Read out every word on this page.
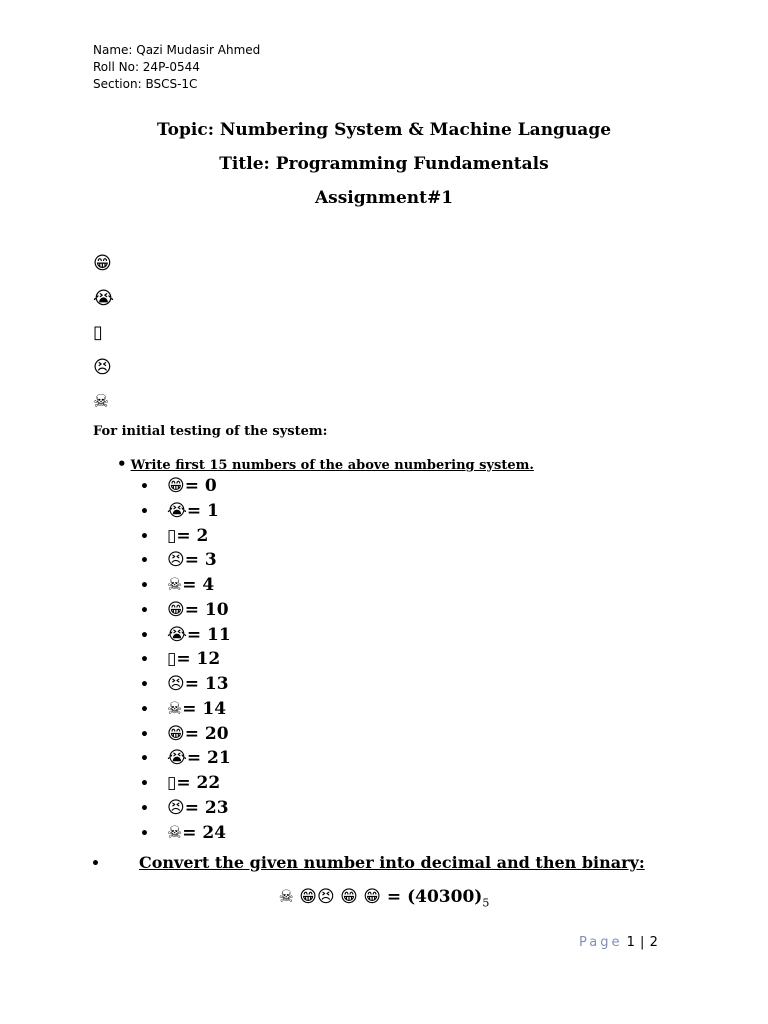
Name: Qazi Mudasir Ahmed
Roll No: 24P-0544
Section: BSCS-1C
Topic: Numbering System & Machine Language
Title: Programming Fundamentals
Assignment#1
😁
😭
▯
😣
☠
For initial testing of the system:
• Write first 15 numbers of the above numbering system.
• 😁= 0
• 😭= 1
• ▯= 2
• 😣= 3
• ☠= 4
• 😁= 10
• 😭= 11
• ▯= 12
• 😣= 13
• ☠= 14
• 😁= 20
• 😭= 21
• ▯= 22
• 😣= 23
• ☠= 24
• Convert the given number into decimal and then binary:
☠ 😁😣 😁 😁 = $(40300)_5$
Page 1 | 2
